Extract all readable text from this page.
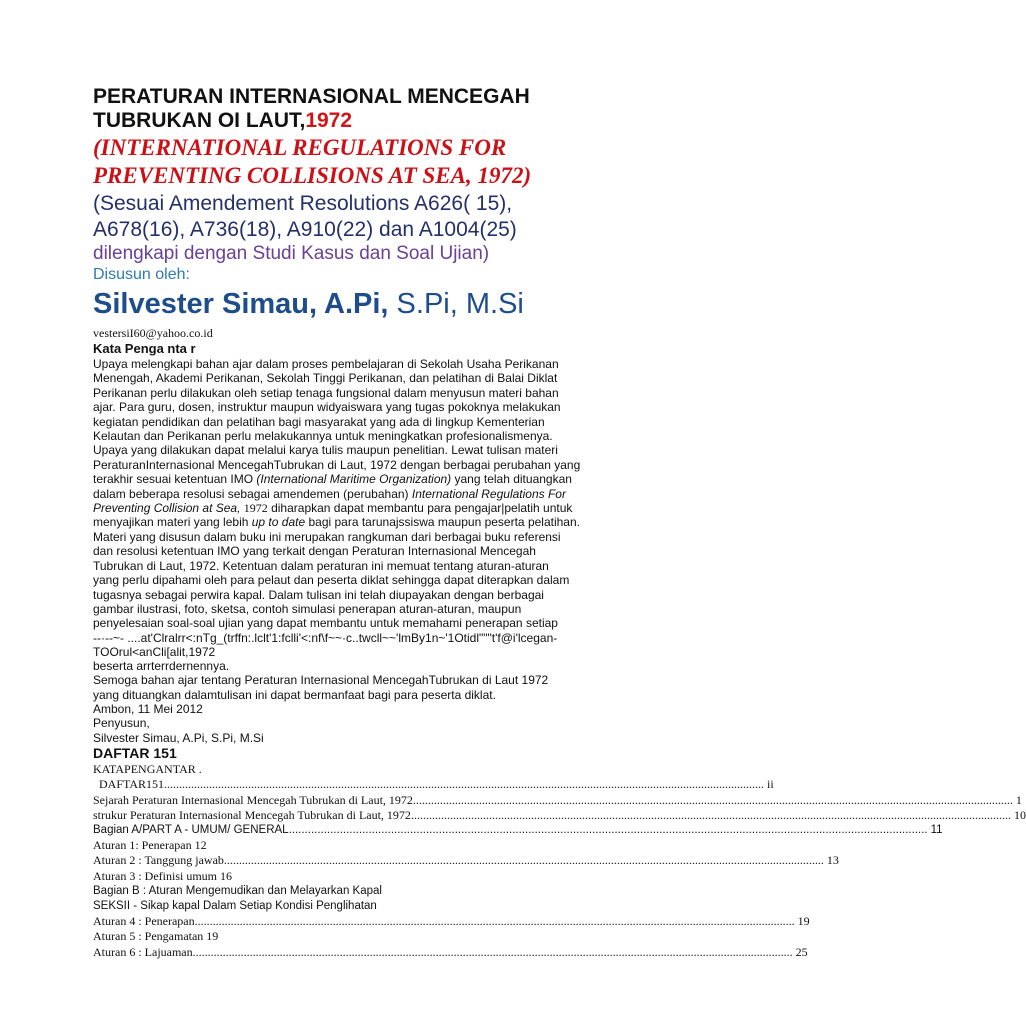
PERATURAN INTERNASIONAL MENCEGAH
TUBRUKAN OI LAUT,1972
(INTERNATIONAL REGULATIONS FOR
PREVENTING COLLISIONS AT SEA, 1972)
(Sesuai Amendement Resolutions A626( 15),
A678(16), A736(18), A910(22) dan A1004(25)
dilengkapi dengan Studi Kasus dan Soal Ujian)
Disusun oleh:
Silvester Simau, A.Pi, S.Pi, M.Si
vestersiI60@yahoo.co.id
Kata Penga nta r
Upaya melengkapi bahan ajar dalam proses pembelajaran di Sekolah Usaha Perikanan
Menengah, Akademi Perikanan, Sekolah Tinggi Perikanan, dan pelatihan di Balai Diklat
Perikanan perlu dilakukan oleh setiap tenaga fungsional dalam menyusun materi bahan
ajar. Para guru, dosen, instruktur maupun widyaiswara yang tugas pokoknya melakukan
kegiatan pendidikan dan pelatihan bagi masyarakat yang ada di lingkup Kementerian
Kelautan dan Perikanan perlu melakukannya untuk meningkatkan profesionalismenya.
Upaya yang dilakukan dapat melalui karya tulis maupun penelitian. Lewat tulisan materi
PeraturanInternasional MencegahTubrukan di Laut, 1972 dengan berbagai perubahan yang
terakhir sesuai ketentuan IMO (International Maritime Organization) yang telah dituangkan
dalam beberapa resolusi sebagai amendemen (perubahan) International Regulations For
Preventing Collision at Sea, 1972 diharapkan dapat membantu para pengajar|pelatih untuk
menyajikan materi yang lebih up to date bagi para tarunajssiswa maupun peserta pelatihan.
Materi yang disusun dalam buku ini merupakan rangkuman dari berbagai buku referensi
dan resolusi ketentuan IMO yang terkait dengan Peraturan Internasional Mencegah
Tubrukan di Laut, 1972. Ketentuan dalam peraturan ini memuat tentang aturan-aturan
yang perlu dipahami oleh para pelaut dan peserta diklat sehingga dapat diterapkan dalam
tugasnya sebagai perwira kapal. Dalam tulisan ini telah diupayakan dengan berbagai
gambar ilustrasi, foto, sketsa, contoh simulasi penerapan aturan-aturan, maupun
penyelesaian soal-soal ujian yang dapat membantu untuk memahami penerapan setiap
--·--~- ....at'Clralrr<:nTg_(trffn:.lclt'1:fclli'<:nf\f~~·c..twcll~~'lmBy1n~'1Otidl"""t'f@i'lcegan-
TOOrul<anCli[alit,1972
beserta arrterrdernennya.
Semoga bahan ajar tentang Peraturan Internasional MencegahTubrukan di Laut 1972
yang dituangkan dalamtulisan ini dapat bermanfaat bagi para peserta diklat.
Ambon, 11 Mei 2012
Penyusun,
Silvester Simau, A.Pi, S.Pi, M.Si
DAFTAR 151
KATAPENGANTAR .
DAFTAR151 ........................................................................................................................................................................................................ ii
Sejarah Peraturan Internasional Mencegah Tubrukan di Laut, 1972 ........................................................................................................................................................................................................ 1
strukur Peraturan Internasional Mencegah Tubrukan di Laut, 1972 ........................................................................................................................................................................................................ 10
Bagian A/PART A - UMUM/ GENERAL ........................................................................................................................................................................................................ 11
Aturan 1: Penerapan 12
Aturan 2 : Tanggung jawab ........................................................................................................................................................................................................ 13
Aturan 3 : Definisi umum 16
Bagian B : Aturan Mengemudikan dan Melayarkan Kapal
SEKSII - Sikap kapal Dalam Setiap Kondisi Penglihatan
Aturan 4 : Penerapan ........................................................................................................................................................................................................ 19
Aturan 5 : Pengamatan 19
Aturan 6 : Lajuaman ........................................................................................................................................................................................................ 25
